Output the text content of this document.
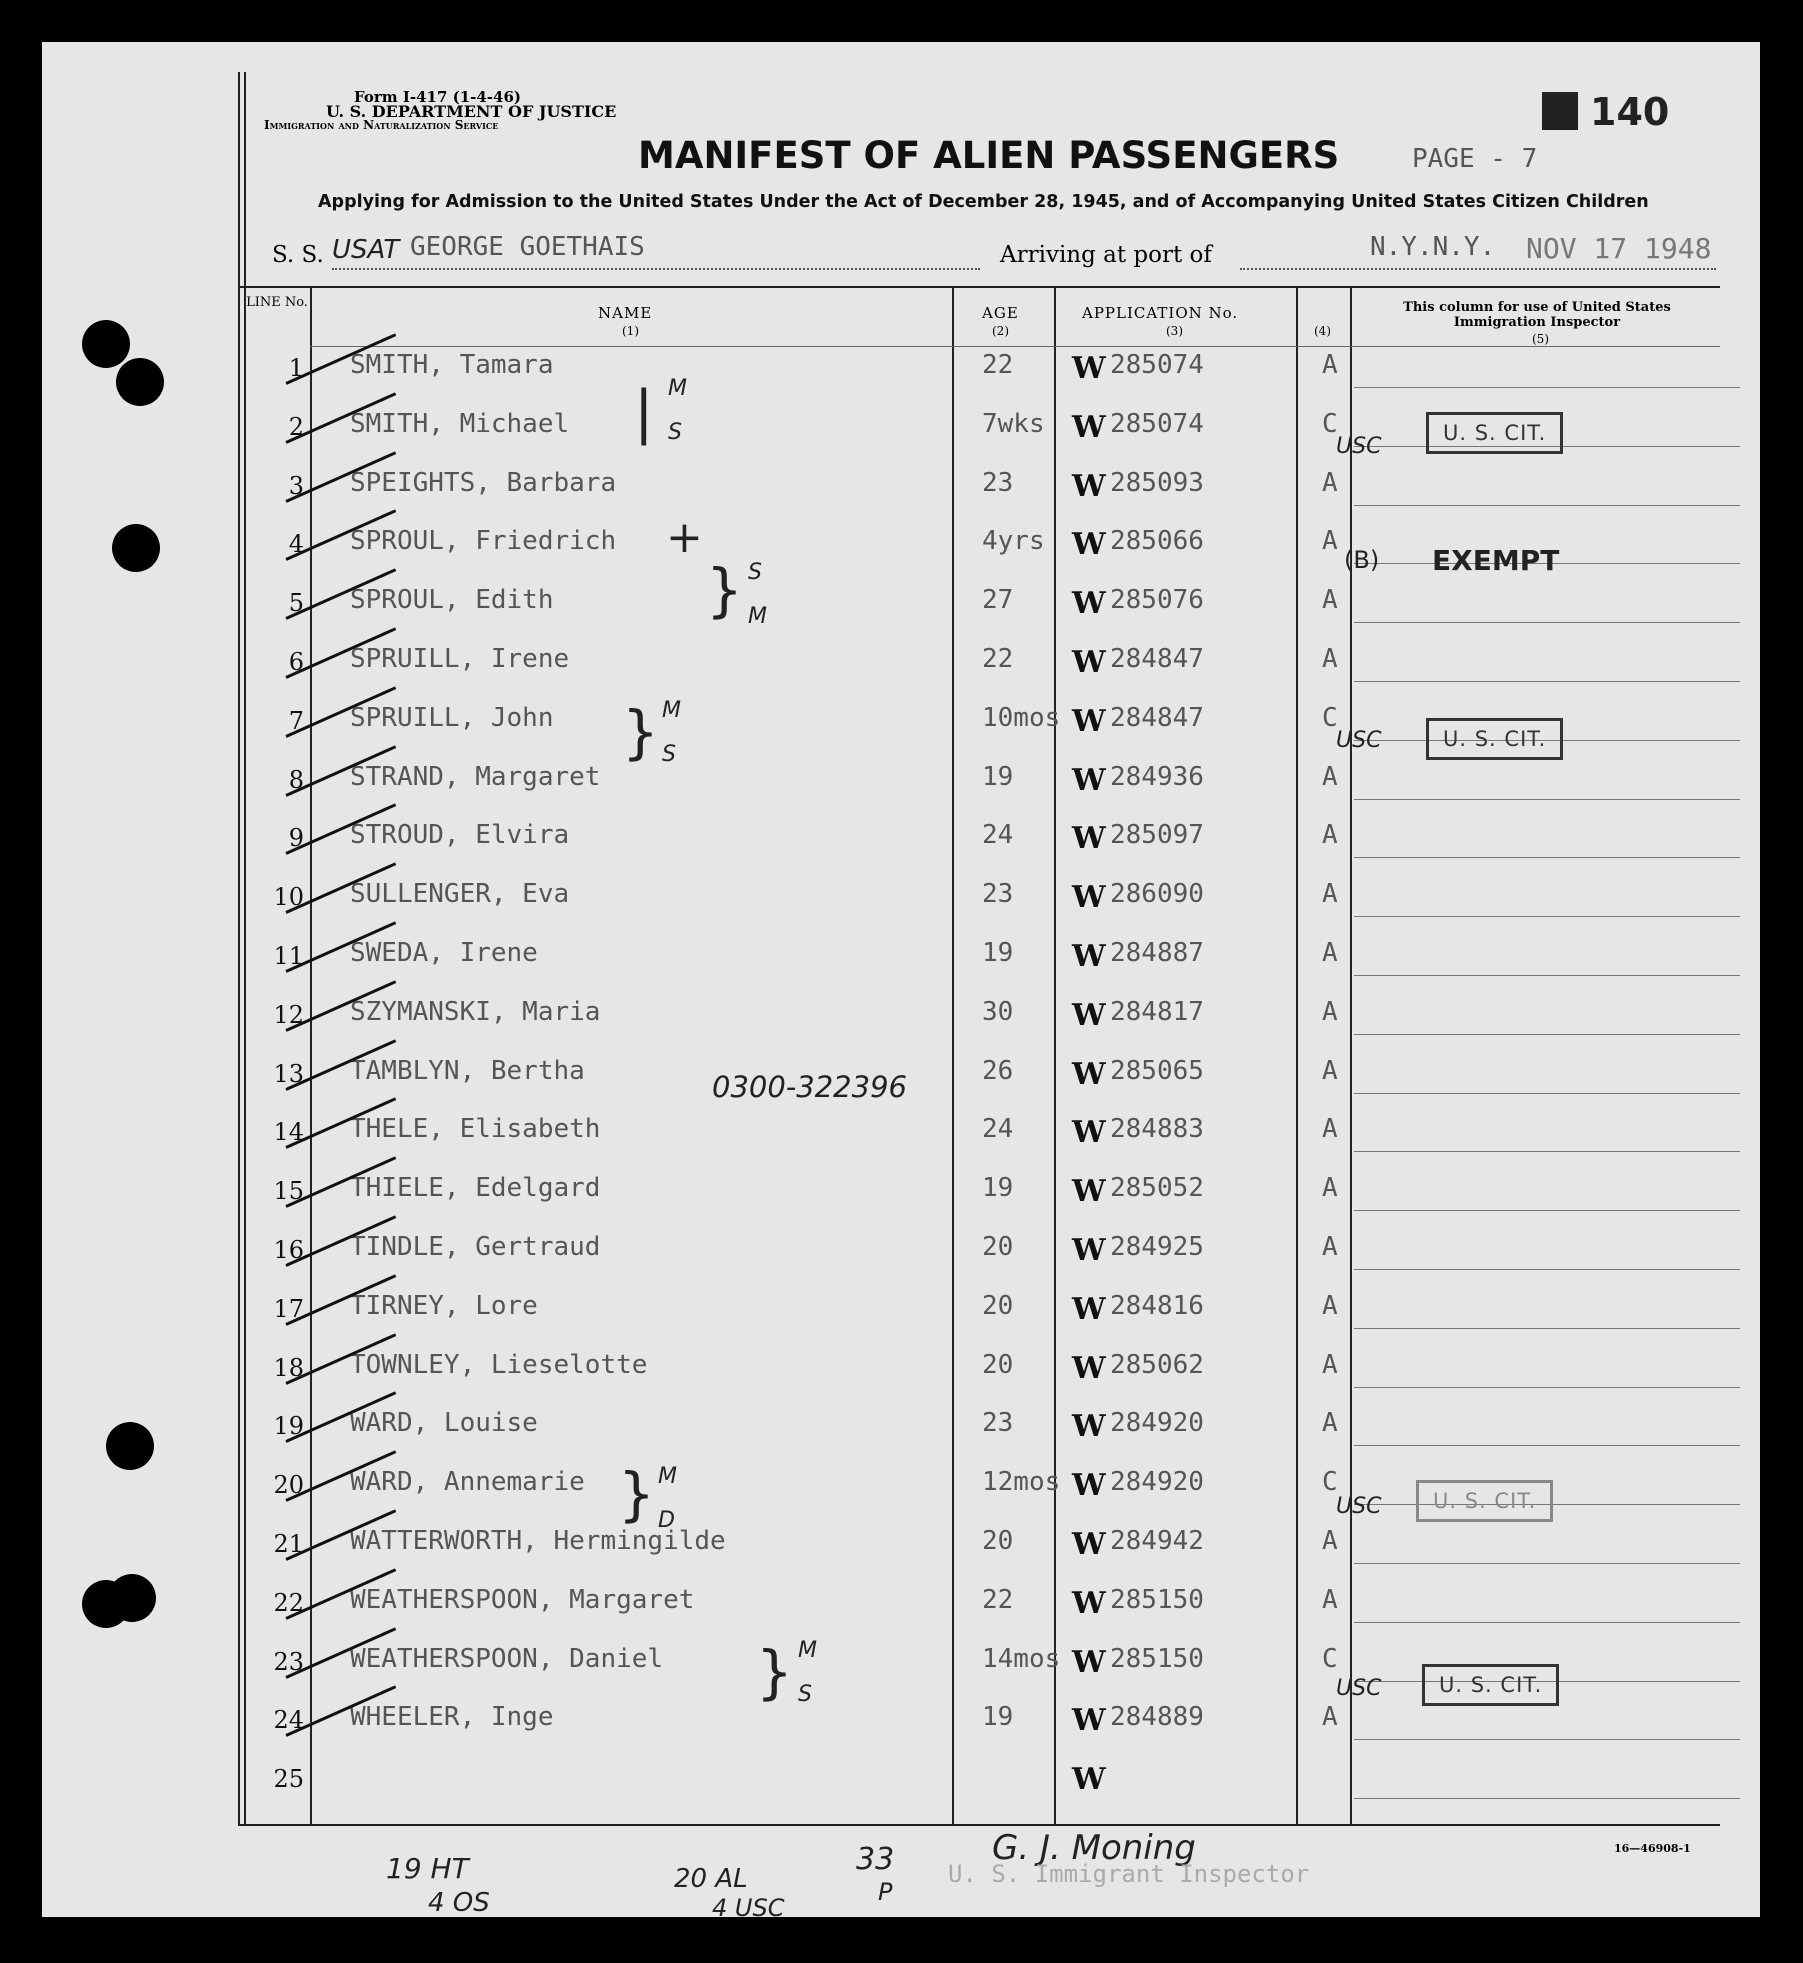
Form I-417 (1-4-46)
U. S. DEPARTMENT OF JUSTICE
Immigration and Naturalization Service	140
MANIFEST OF ALIEN PASSENGERS	PAGE - 7
Applying for Admission to the United States Under the Act of December 28, 1945, and of Accompanying United States Citizen Children
S. S. USAT GEORGE GOETHAIS	Arriving at port of	N.Y.N.Y. NOV 17 1948
LINE No.
NAME
(1)
AGE
(2)
APPLICATION No.
(3)	(4)
This column for use of United States Immigration Inspector
(5)
1 SMITH, Tamara	22 W 285074	A
2 SMITH, Michael	7wks W 285074	C
3 SPEIGHTS, Barbara	23 W 285093	A
4 SPROUL, Friedrich	4yrs W 285066	A
5 SPROUL, Edith	27 W 285076	A
6 SPRUILL, Irene	22 W 284847	A
7 SPRUILL, John	10mos W 284847	C
8 STRAND, Margaret	19 W 284936	A
9 STROUD, Elvira	24 W 285097	A
10 SULLENGER, Eva	23 W 286090	A
11 SWEDA, Irene	19 W 284887	A
12 SZYMANSKI, Maria	30 W 284817	A
13 TAMBLYN, Bertha	26 W 285065	A
14 THELE, Elisabeth	24 W 284883	A
15 THIELE, Edelgard	19 W 285052	A
16 TINDLE, Gertraud	20 W 284925	A
17 TIRNEY, Lore	20 W 284816	A
18 TOWNLEY, Lieselotte	20 W 285062	A
19 WARD, Louise	23 W 284920	A
20 WARD, Annemarie	12mos W 284920	C
21 WATTERWORTH, Hermingilde	20 W 284942	A
22 WEATHERSPOON, Margaret	22 W 285150	A
23 WEATHERSPOON, Daniel	14mos W 285150	C
24 WHEELER, Inge	19 W 284889	A
25	W
USC
U. S. CIT.
(B) EXEMPT
USC	U. S. CIT.
USC	U. S. CIT.
USC	U. S. CIT.
| M
S
+
} S
M
} M
S
0300-322396
} M
D
} M
S
19 HT
4 OS
20 AL
4 USC
33
P
G. J. Moning
U. S. Immigrant Inspector
16—46908-1
